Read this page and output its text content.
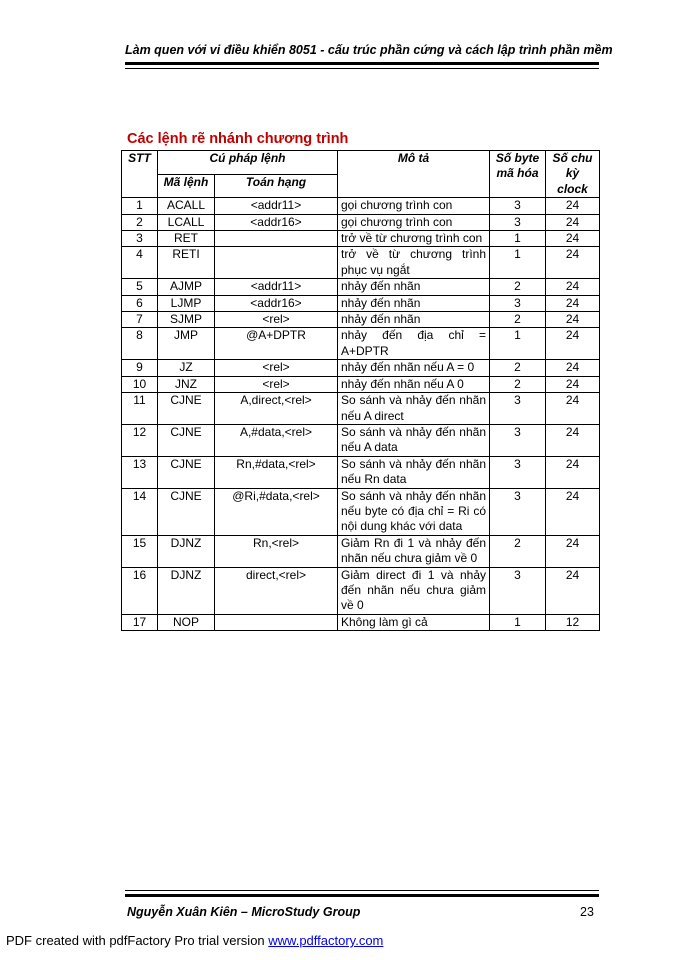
Làm quen với vi điều khiển 8051 - cấu trúc phần cứng và cách lập trình phần mềm
Các lệnh rẽ nhánh chương trình
STT	Cú pháp lệnh		Mô tả	Số byte mã hóa	Số chu kỳ clock
	Mã lệnh	Toán hạng			
1	ACALL	<addr11>	gọi chương trình con	3	24
2	LCALL	<addr16>	gọi chương trình con	3	24
3	RET		trở về từ chương trình con	1	24
4	RETI		trở về từ chương trình phục vụ ngắt	1	24
5	AJMP	<addr11>	nhảy đến nhãn	2	24
6	LJMP	<addr16>	nhảy đến nhãn	3	24
7	SJMP	<rel>	nhảy đến nhãn	2	24
8	JMP	@A+DPTR	nhảy đến địa chỉ = A+DPTR	1	24
9	JZ	<rel>	nhảy đến nhãn nếu A = 0	2	24
10	JNZ	<rel>	nhảy đến nhãn nếu A 0	2	24
11	CJNE	A,direct,<rel>	So sánh và nhảy đến nhãn nếu A direct	3	24
12	CJNE	A,#data,<rel>	So sánh và nhảy đến nhãn nếu A data	3	24
13	CJNE	Rn,#data,<rel>	So sánh và nhảy đến nhãn nếu Rn data	3	24
14	CJNE	@Ri,#data,<rel>	So sánh và nhảy đến nhãn nếu byte có địa chỉ = Ri có nội dung khác với data	3	24
15	DJNZ	Rn,<rel>	Giảm Rn đi 1 và nhảy đến nhãn nếu chưa giảm về 0	2	24
16	DJNZ	direct,<rel>	Giảm direct đi 1 và nhảy đến nhãn nếu chưa giảm về 0	3	24
17	NOP		Không làm gì cả	1	12
Nguyễn Xuân Kiên – MicroStudy Group	23
PDF created with pdfFactory Pro trial version www.pdffactory.com
